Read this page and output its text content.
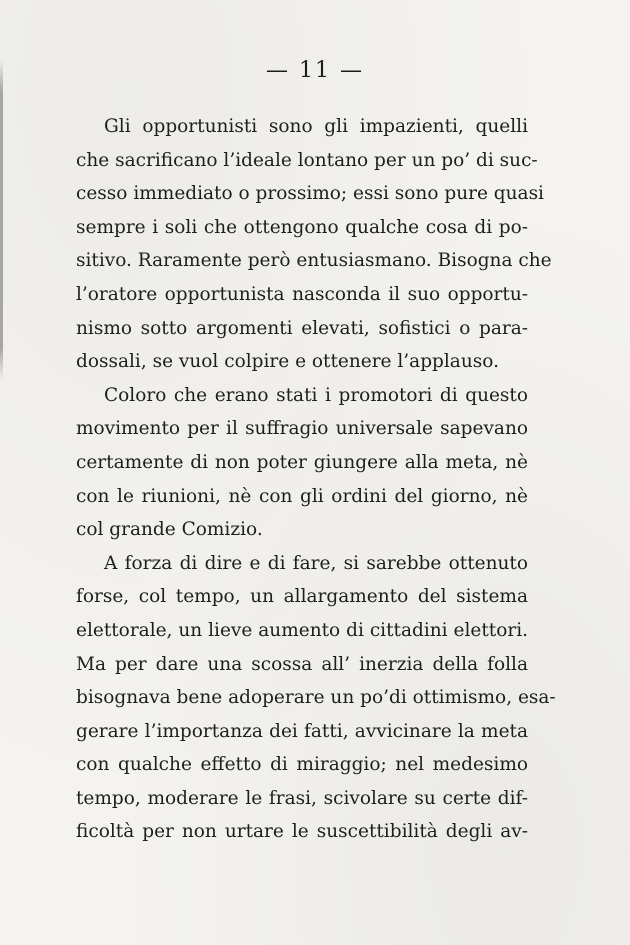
— 11 —
Gli opportunisti sono gli impazienti, quelli
che sacrificano l’ideale lontano per un po’ di suc-
cesso immediato o prossimo; essi sono pure quasi
sempre i soli che ottengono qualche cosa di po-
sitivo. Raramente però entusiasmano. Bisogna che
l’oratore opportunista nasconda il suo opportu-
nismo sotto argomenti elevati, sofistici o para-
dossali, se vuol colpire e ottenere l’applauso.
Coloro che erano stati i promotori di questo
movimento per il suffragio universale sapevano
certamente di non poter giungere alla meta, nè
con le riunioni, nè con gli ordini del giorno, nè
col grande Comizio.
A forza di dire e di fare, si sarebbe ottenuto
forse, col tempo, un allargamento del sistema
elettorale, un lieve aumento di cittadini elettori.
Ma per dare una scossa all’ inerzia della folla
bisognava bene adoperare un po’di ottimismo, esa-
gerare l’importanza dei fatti, avvicinare la meta
con qualche effetto di miraggio; nel medesimo
tempo, moderare le frasi, scivolare su certe dif-
ficoltà per non urtare le suscettibilità degli av-
